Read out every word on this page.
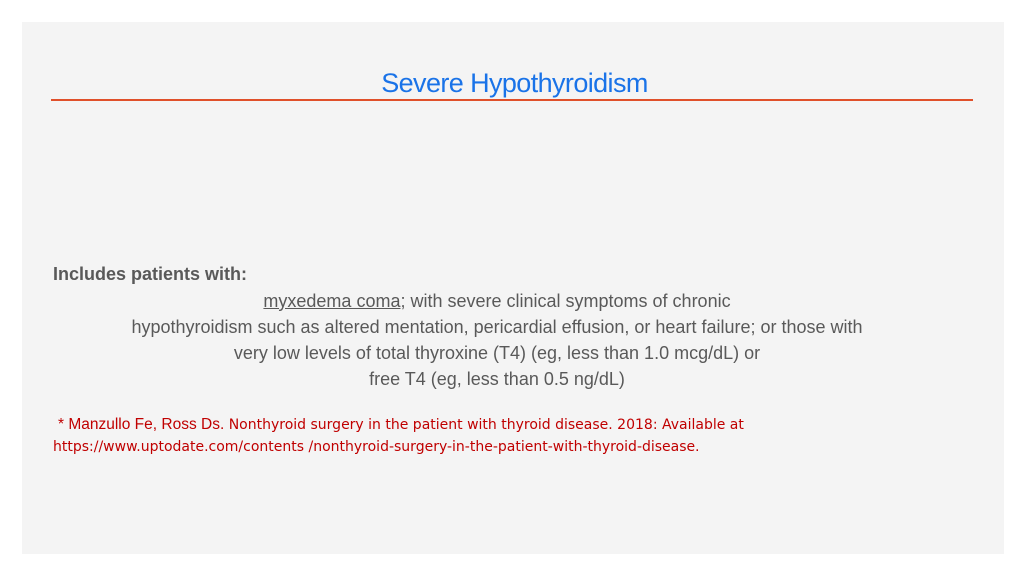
Severe Hypothyroidism
Includes patients with:
myxedema coma; with severe clinical symptoms of chronic
hypothyroidism such as altered mentation, pericardial effusion, or heart failure; or those with
very low levels of total thyroxine (T4) (eg, less than 1.0 mcg/dL) or
free T4 (eg, less than 0.5 ng/dL)
* Manzullo Fe, Ross Ds. Nonthyroid surgery in the patient with thyroid disease. 2018: Available at
https://www.uptodate.com/contents /nonthyroid-surgery-in-the-patient-with-thyroid-disease.
